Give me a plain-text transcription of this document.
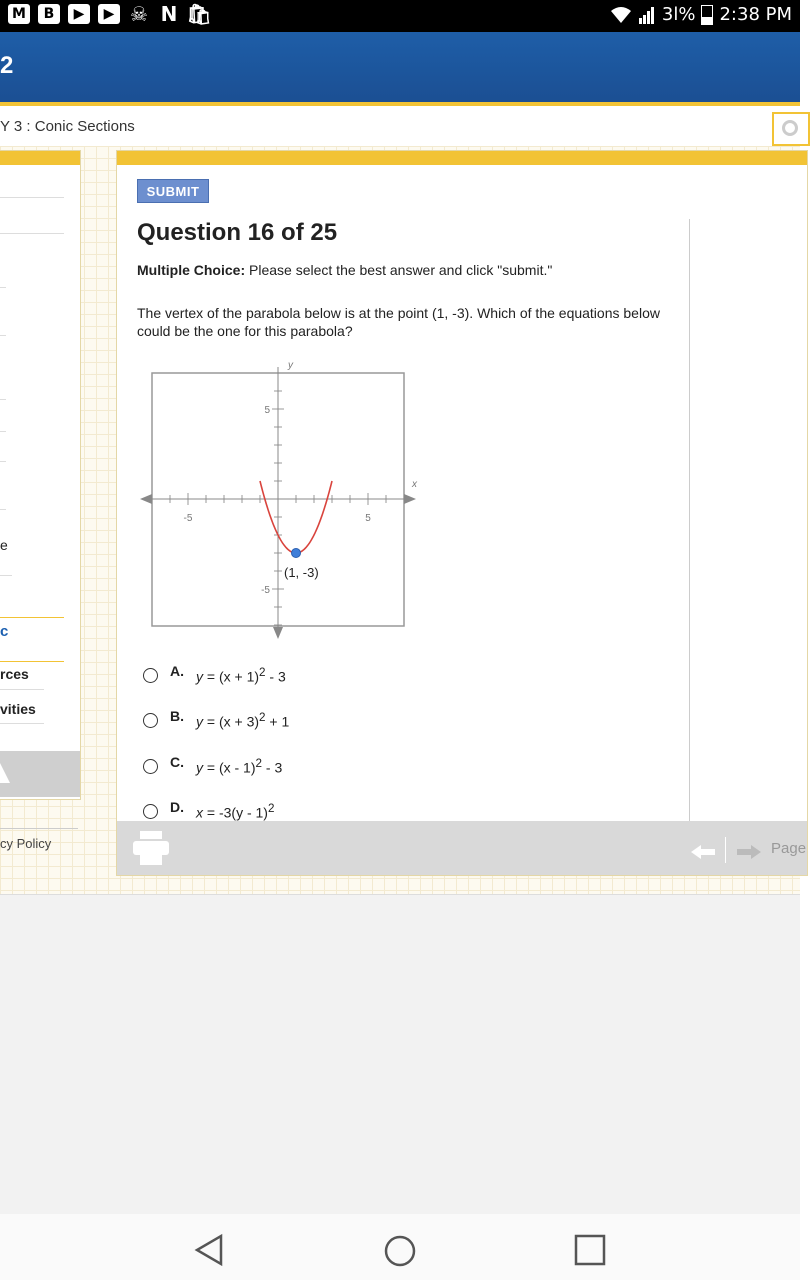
M	B	▶	▶ ☠ N 🛍	3l% 2:38 PM
2
Y 3 : Conic Sections
e
c
rces
vities
cy Policy
SUBMIT
Question 16 of 25
Multiple Choice: Please select the best answer and click "submit."
The vertex of the parabola below is at the point (1, -3). Which of the equations below could be the one for this parabola?
x
y
-5	5
5
-5
(1, -3)
A. $y = (x + 1)^2 - 3$
B. $y = (x + 3)^2 + 1$
C. y = (x - 1)$^2$ - 3
D. x = -3(y - 1)$^2$
Page
